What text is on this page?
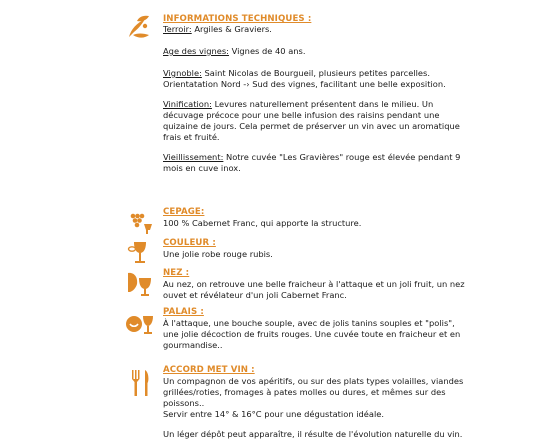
INFORMATIONS TECHNIQUES :
Terroir: Argiles & Graviers.
Age des vignes: Vignes de 40 ans.
Vignoble: Saint Nicolas de Bourgueil, plusieurs petites parcelles.
Orientatation Nord -› Sud des vignes, facilitant une belle exposition.
Vinification: Levures naturellement présentent dans le milieu. Un
décuvage précoce pour une belle infusion des raisins pendant une
quizaine de jours. Cela permet de préserver un vin avec un aromatique
frais et fruité.
Vieillissement: Notre cuvée "Les Gravières" rouge est élevée pendant 9
mois en cuve inox.
CEPAGE:
100 % Cabernet Franc, qui apporte la structure.
COULEUR :
Une jolie robe rouge rubis.
NEZ :
Au nez, on retrouve une belle fraicheur à l'attaque et un joli fruit, un nez
ouvet et révélateur d'un joli Cabernet Franc.
PALAIS :
À l'attaque, une bouche souple, avec de jolis tanins souples et "polis",
une jolie décoction de fruits rouges. Une cuvée toute en fraicheur et en
gourmandise..
ACCORD MET VIN :
Un compagnon de vos apéritifs, ou sur des plats types volailles, viandes
grillées/roties, fromages à pates molles ou dures, et mêmes sur des
poissons..
Servir entre 14° & 16°C pour une dégustation idéale.
Un léger dépôt peut apparaître, il résulte de l'évolution naturelle du vin.
